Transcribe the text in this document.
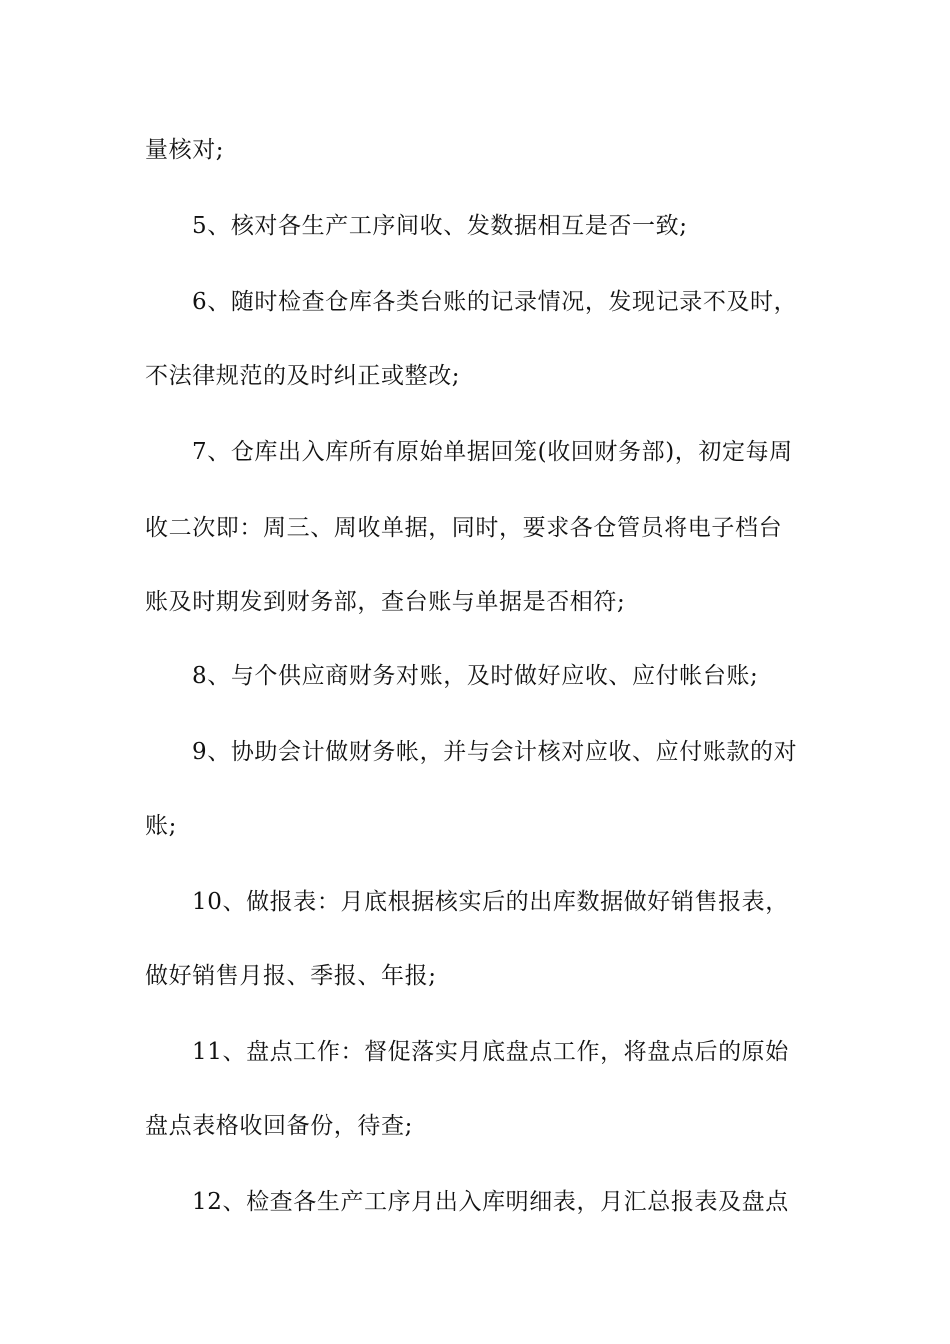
量核对;
5、核对各生产工序间收、发数据相互是否一致;
6、随时检查仓库各类台账的记录情况，发现记录不及时，
不法律规范的及时纠正或整改;
7、仓库出入库所有原始单据回笼(收回财务部)，初定每周
收二次即：周三、周收单据，同时，要求各仓管员将电子档台
账及时期发到财务部，查台账与单据是否相符;
8、与个供应商财务对账，及时做好应收、应付帐台账;
9、协助会计做财务帐，并与会计核对应收、应付账款的对
账;
10、做报表：月底根据核实后的出库数据做好销售报表，
做好销售月报、季报、年报;
11、盘点工作：督促落实月底盘点工作，将盘点后的原始
盘点表格收回备份，待查;
12、检查各生产工序月出入库明细表，月汇总报表及盘点
